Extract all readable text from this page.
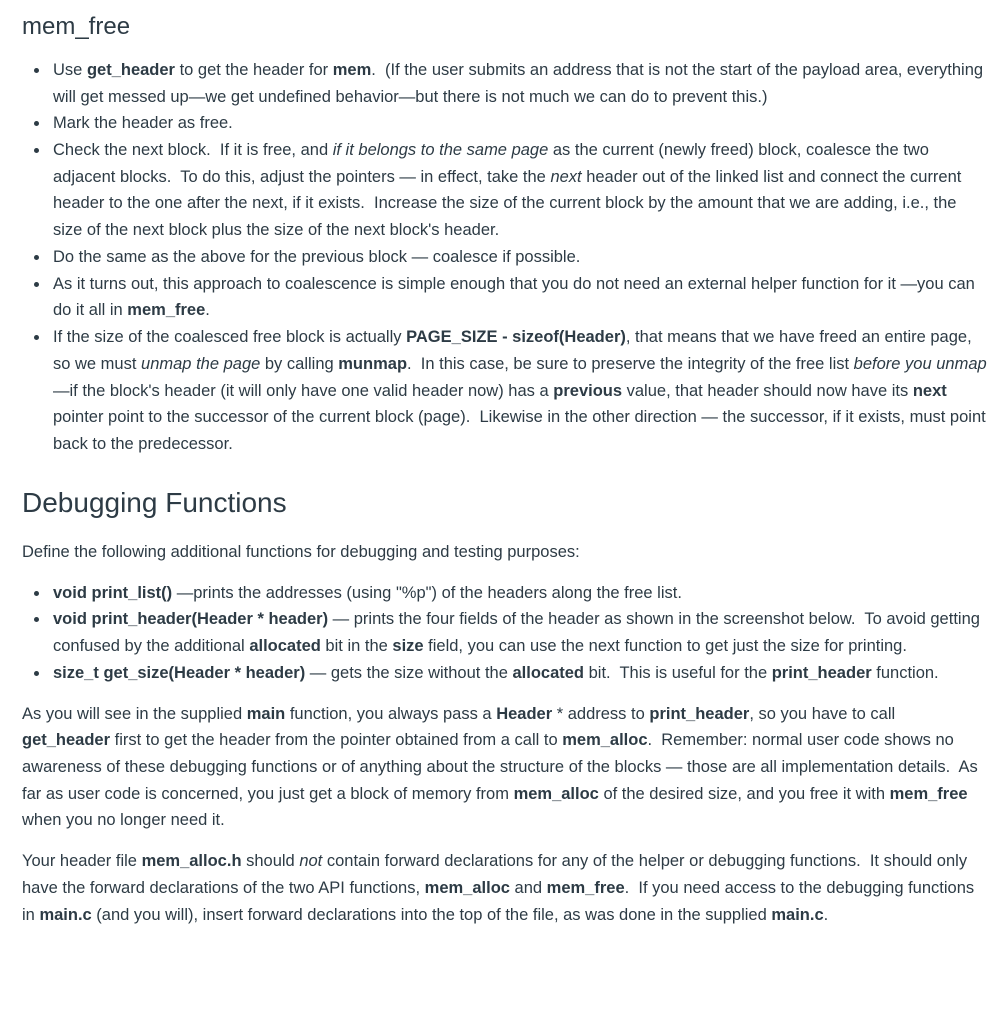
mem_free
• Use get_header to get the header for mem.  (If the user submits an address that is not the start of the payload area, everything will get messed up—we get undefined behavior—but there is not much we can do to prevent this.)
• Mark the header as free.
• Check the next block.  If it is free, and if it belongs to the same page as the current (newly freed) block, coalesce the two adjacent blocks.  To do this, adjust the pointers — in effect, take the next header out of the linked list and connect the current header to the one after the next, if it exists.  Increase the size of the current block by the amount that we are adding, i.e., the size of the next block plus the size of the next block's header.
• Do the same as the above for the previous block — coalesce if possible.
• As it turns out, this approach to coalescence is simple enough that you do not need an external helper function for it —you can do it all in mem_free.
• If the size of the coalesced free block is actually PAGE_SIZE - sizeof(Header), that means that we have freed an entire page, so we must unmap the page by calling munmap.  In this case, be sure to preserve the integrity of the free list before you unmap—if the block's header (it will only have one valid header now) has a previous value, that header should now have its next pointer point to the successor of the current block (page).  Likewise in the other direction — the successor, if it exists, must point back to the predecessor.
Debugging Functions

Define the following additional functions for debugging and testing purposes:

• void print_list() —prints the addresses (using "%p") of the headers along the free list.
• void print_header(Header * header) — prints the four fields of the header as shown in the screenshot below.  To avoid getting confused by the additional allocated bit in the size field, you can use the next function to get just the size for printing.
• size_t get_size(Header * header) — gets the size without the allocated bit.  This is useful for the print_header function.

As you will see in the supplied main function, you always pass a Header * address to print_header, so you have to call get_header first to get the header from the pointer obtained from a call to mem_alloc.  Remember: normal user code shows no awareness of these debugging functions or of anything about the structure of the blocks — those are all implementation details.  As far as user code is concerned, you just get a block of memory from mem_alloc of the desired size, and you free it with mem_free when you no longer need it.

Your header file mem_alloc.h should not contain forward declarations for any of the helper or debugging functions.  It should only have the forward declarations of the two API functions, mem_alloc and mem_free.  If you need access to the debugging functions in main.c (and you will), insert forward declarations into the top of the file, as was done in the supplied main.c.
